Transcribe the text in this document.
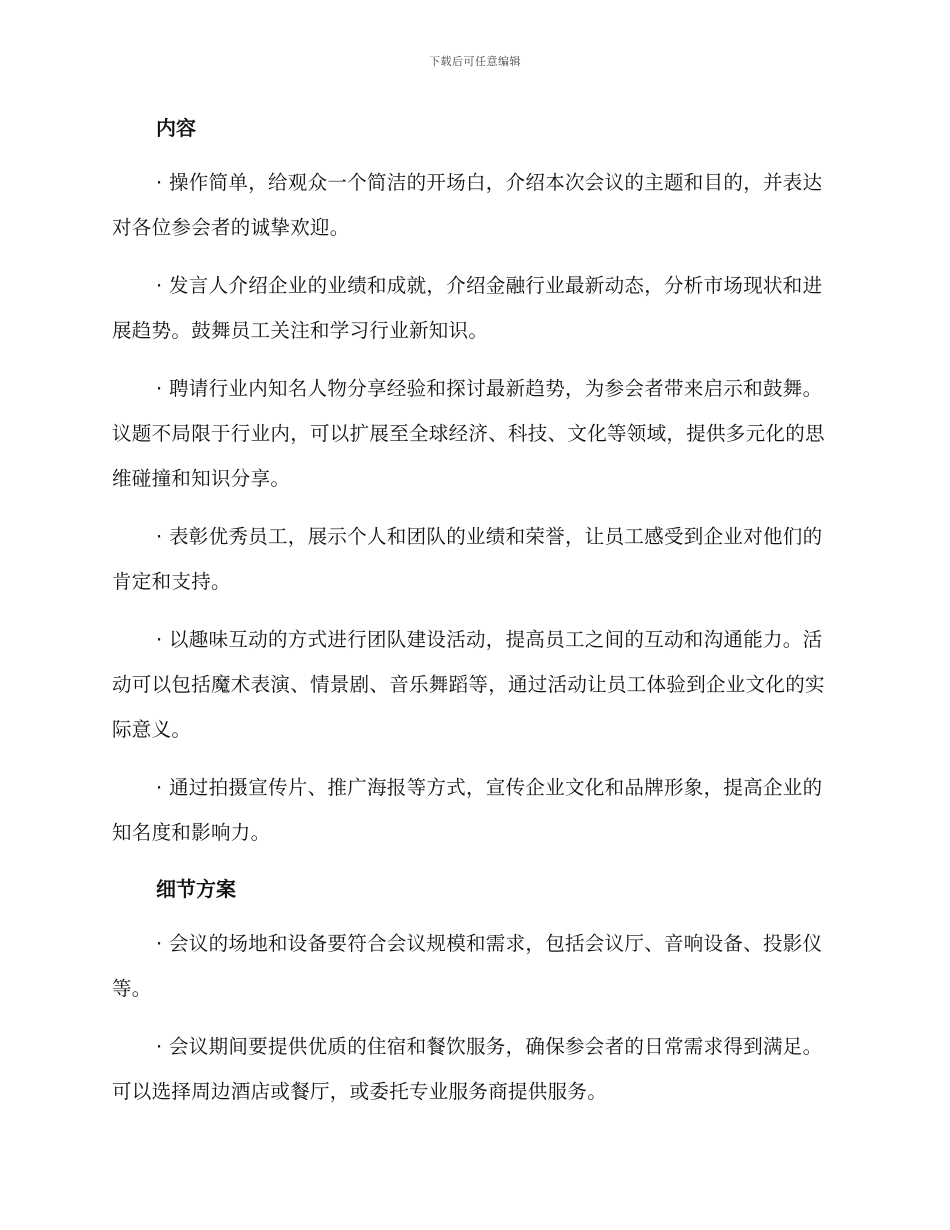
下载后可任意编辑
内容

· 操作简单，给观众一个简洁的开场白，介绍本次会议的主题和目的，并表达对各位参会者的诚挚欢迎。

· 发言人介绍企业的业绩和成就，介绍金融行业最新动态，分析市场现状和进展趋势。鼓舞员工关注和学习行业新知识。

· 聘请行业内知名人物分享经验和探讨最新趋势，为参会者带来启示和鼓舞。议题不局限于行业内，可以扩展至全球经济、科技、文化等领域，提供多元化的思维碰撞和知识分享。

· 表彰优秀员工，展示个人和团队的业绩和荣誉，让员工感受到企业对他们的肯定和支持。

· 以趣味互动的方式进行团队建设活动，提高员工之间的互动和沟通能力。活动可以包括魔术表演、情景剧、音乐舞蹈等，通过活动让员工体验到企业文化的实际意义。

· 通过拍摄宣传片、推广海报等方式，宣传企业文化和品牌形象，提高企业的知名度和影响力。

细节方案

· 会议的场地和设备要符合会议规模和需求，包括会议厅、音响设备、投影仪等。

· 会议期间要提供优质的住宿和餐饮服务，确保参会者的日常需求得到满足。可以选择周边酒店或餐厅，或委托专业服务商提供服务。
